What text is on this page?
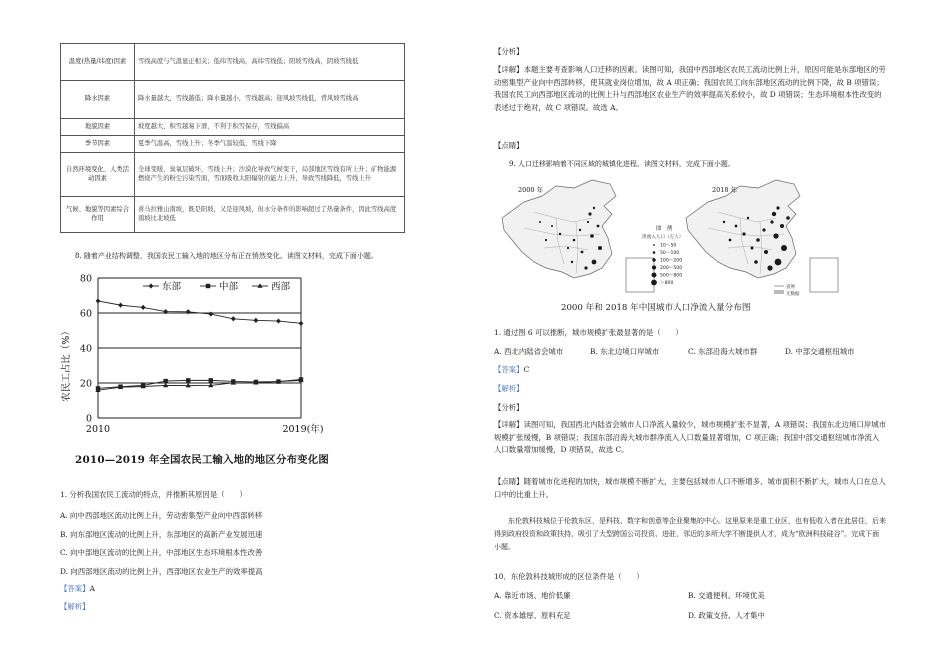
温度(热量/纬度)因素	雪线高度与气温显正相关；低纬雪线高，高纬雪线低；阳坡雪线高，阴坡雪线低
降水因素	降水量越大，雪线越低；降水量越小，雪线越高；迎风坡雪线低，背风坡雪线高
地貌因素	坡度越大，积雪越易下滑，不利于积雪保存，雪线偏高
季节因素	夏季气温高，雪线上升；冬季气温较低，雪线下降
自然环境变化、人类活动因素	全球变暖，臭氧层破坏，雪线上升；沙漠化导致气候变干，局部地区雪线有所上升；矿物能源燃烧产生的粉尘污染雪面，雪面吸收太阳辐射的能力上升，导致雪线降低，雪线上升
气候、地貌等因素综合作用	喜马拉雅山南坡，既是阳坡，又是迎风坡，但水分条件的影响超过了热量条件，因此雪线高度南坡比北坡低
8. 随着产业结构调整，我国农民工输入地的地区分布正在悄然变化。读图文材料，完成下面小题。
0
20
40
60
80
2010	2019(年)
东部	中部	西部
农民工占比（%）
2010—2019 年全国农民工输入地的地区分布变化图
1. 分析我国农民工流动的特点，并推断其原因是（　　）
A. 向中西部地区流动比例上升，劳动密集型产业向中西部转移
B. 向东部地区流动的比例上升，东部地区的高新产业发展迅速
C. 向中部地区流动的比例上升，中部地区生态环境根本性改善
D. 向西部地区流动的比例上升，西部地区农业生产的效率提高
【答案】A
【解析】
【分析】
【详解】本题主要考查影响人口迁移的因素。读图可知，我国中西部地区农民工流动比例上升，原因可能是东部地区的劳动密集型产业向中西部转移，使其就业岗位增加，故 A 项正确；我国农民工向东部地区流动的比例下降，故 B 项错误；我国农民工向西部地区流动的比例上升与西部地区农业生产的效率提高关系较小，故 D 项错误；生态环境根本性改变的表述过于绝对，故 C 项错误。故选 A。
【点睛】
9. 人口迁移影响着不同区域的城镇化进程。读图文材料，完成下面小题。
2000 年
图　例
净流入人口（万人）
10～50
50～100
100～200
200～500
500～800
＞800
2018 年
省界
无数据
2000 年和 2018 年中国城市人口净流入量分布图
1. 通过图 6 可以推断，城市规模扩张最显著的是（　　）
A. 西北内陆省会城市	B. 东北边境口岸城市	C. 东部沿海大城市群	D. 中部交通枢纽城市
【答案】C
【解析】
【分析】
【详解】读图可知，我国西北内陆省会城市人口净流入量较少，城市规模扩张不显著，A 项错误；我国东北边境口岸城市规模扩张缓慢，B 项错误；我国东部沿海大城市群净流入人口数量显著增加，C 项正确；我国中部交通枢纽城市净流入人口数量增加缓慢，D 项错误，故选 C。
【点睛】随着城市化进程的加快，城市规模不断扩大，主要包括城市人口不断增多、城市面积不断扩大，城市人口在总人口中的比重上升。
东伦敦科技城位于伦敦东区，是科技、数字和创意等企业聚集的中心。这里原来是重工业区，也有低收入者在此居住，后来得到政府投资和政策扶持，吸引了大型跨国公司投资、进驻，邻近的多所大学不断提供人才，成为“欧洲科技硅谷”。完成下面小题。
10．东伦敦科技城形成的区位条件是（　　）
A. 靠近市场、地价低廉	B. 交通便利、环境优美
C. 资本雄厚、原料充足	D. 政策支持、人才集中
